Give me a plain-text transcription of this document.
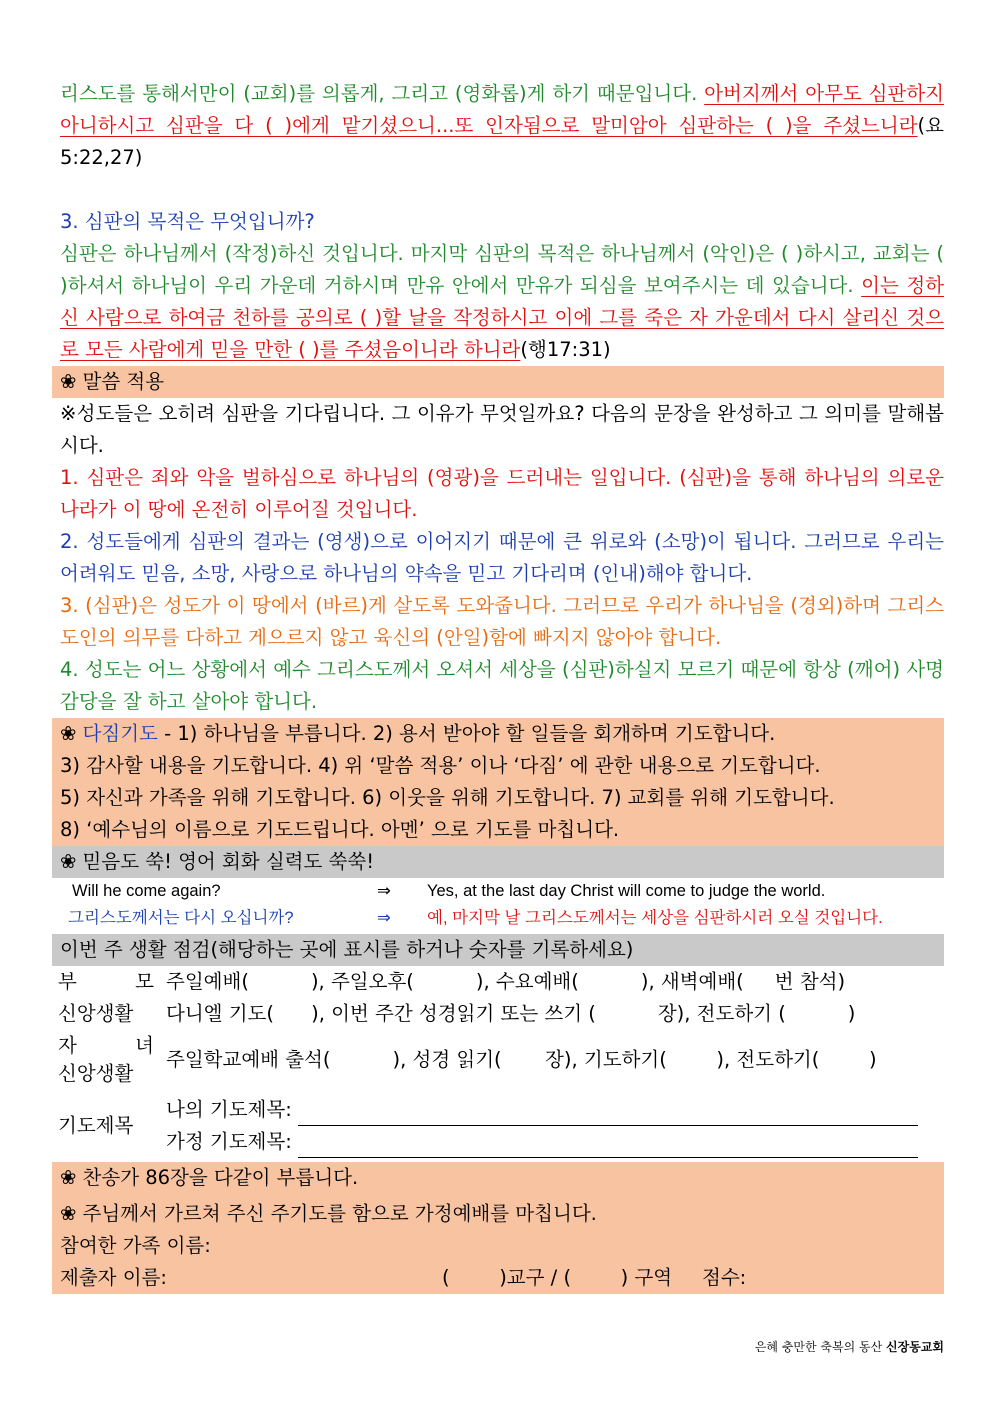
리스도를 통해서만이 (교회)를 의롭게, 그리고 (영화롭)게 하기 때문입니다. 아버지께서 아무도 심판하지 아니하시고 심판을 다 ( )에게 맡기셨으니...또 인자됨으로 말미암아 심판하는 ( )을 주셨느니라(요5:22,27)

3. 심판의 목적은 무엇입니까?

심판은 하나님께서 (작정)하신 것입니다. 마지막 심판의 목적은 하나님께서 (악인)은 ( )하시고, 교회는 ( )하셔서 하나님이 우리 가운데 거하시며 만유 안에서 만유가 되심을 보여주시는 데 있습니다. 이는 정하신 사람으로 하여금 천하를 공의로 ( )할 날을 작정하시고 이에 그를 죽은 자 가운데서 다시 살리신 것으로 모든 사람에게 믿을 만한 ( )를 주셨음이니라 하니라(행17:31)

❀ 말씀 적용

※성도들은 오히려 심판을 기다립니다. 그 이유가 무엇일까요? 다음의 문장을 완성하고 그 의미를 말해봅시다.

1. 심판은 죄와 악을 벌하심으로 하나님의 (영광)을 드러내는 일입니다. (심판)을 통해 하나님의 의로운 나라가 이 땅에 온전히 이루어질 것입니다.

2. 성도들에게 심판의 결과는 (영생)으로 이어지기 때문에 큰 위로와 (소망)이 됩니다. 그러므로 우리는 어려워도 믿음, 소망, 사랑으로 하나님의 약속을 믿고 기다리며 (인내)해야 합니다.

3. (심판)은 성도가 이 땅에서 (바르)게 살도록 도와줍니다. 그러므로 우리가 하나님을 (경외)하며 그리스도인의 의무를 다하고 게으르지 않고 육신의 (안일)함에 빠지지 않아야 합니다.

4. 성도는 어느 상황에서 예수 그리스도께서 오셔서 세상을 (심판)하실지 모르기 때문에 항상 (깨어) 사명 감당을 잘 하고 살아야 합니다.

❀ 다짐기도 - 1) 하나님을 부릅니다. 2) 용서 받아야 할 일들을 회개하며 기도합니다.

3) 감사할 내용을 기도합니다. 4) 위 ‘말씀 적용’ 이나 ‘다짐’ 에 관한 내용으로 기도합니다.

5) 자신과 가족을 위해 기도합니다. 6) 이웃을 위해 기도합니다. 7) 교회를 위해 기도합니다.

8) ‘예수님의 이름으로 기도드립니다. 아멘’ 으로 기도를 마칩니다.

❀ 믿음도 쑥! 영어 회화 실력도 쑥쑥!

Will he come again?	⇒	Yes, at the last day Christ will come to judge the world.
그리스도께서는 다시 오십니까?	⇒	예, 마지막 날 그리스도께서는 세상을 심판하시러 오실 것입니다.

이번 주 생활 점검(해당하는 곳에 표시를 하거나 숫자를 기록하세요)

부 모	주일예배(          ), 주일오후(          ), 수요예배(          ), 새벽예배(     번 참석)
신앙생활	다니엘 기도(      ), 이번 주간 성경읽기 또는 쓰기 (          장), 전도하기 (          )

자 녀
신앙생활	주일학교예배 출석(          ), 성경 읽기(       장), 기도하기(        ), 전도하기(        )
기도제목	나의 기도제목:
	가정 기도제목:

❀ 찬송가 86장을 다같이 부릅니다.

❀ 주님께서 가르쳐 주신 주기도를 함으로 가정예배를 마칩니다.

참여한 가족 이름:

제출자 이름:	(        )교구 / (        ) 구역 점수:

은혜 충만한 축복의 동산 신장동교회
